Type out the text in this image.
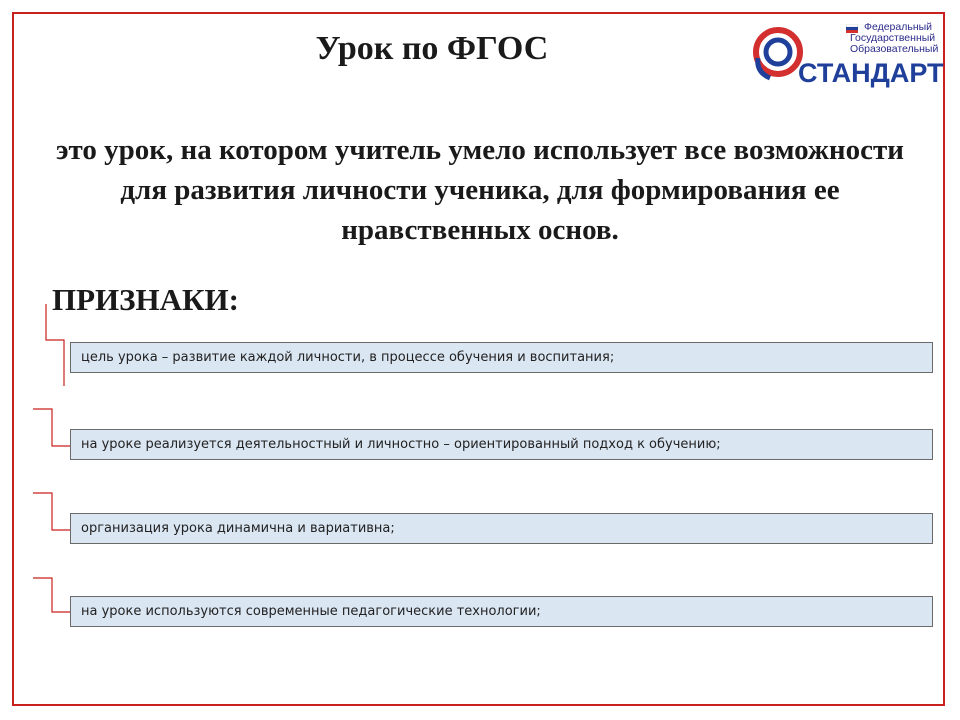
Урок по ФГОС
Федеральный
Государственный
Образовательный
СТАНДАРТ
это урок, на котором учитель умело использует все возможности для развития личности ученика, для формирования ее нравственных основ.
ПРИЗНАКИ:
цель урока – развитие каждой личности, в процессе обучения и воспитания;
на уроке реализуется деятельностный и личностно – ориентированный подход к обучению;
организация урока динамична и вариативна;
на уроке используются современные педагогические технологии;
